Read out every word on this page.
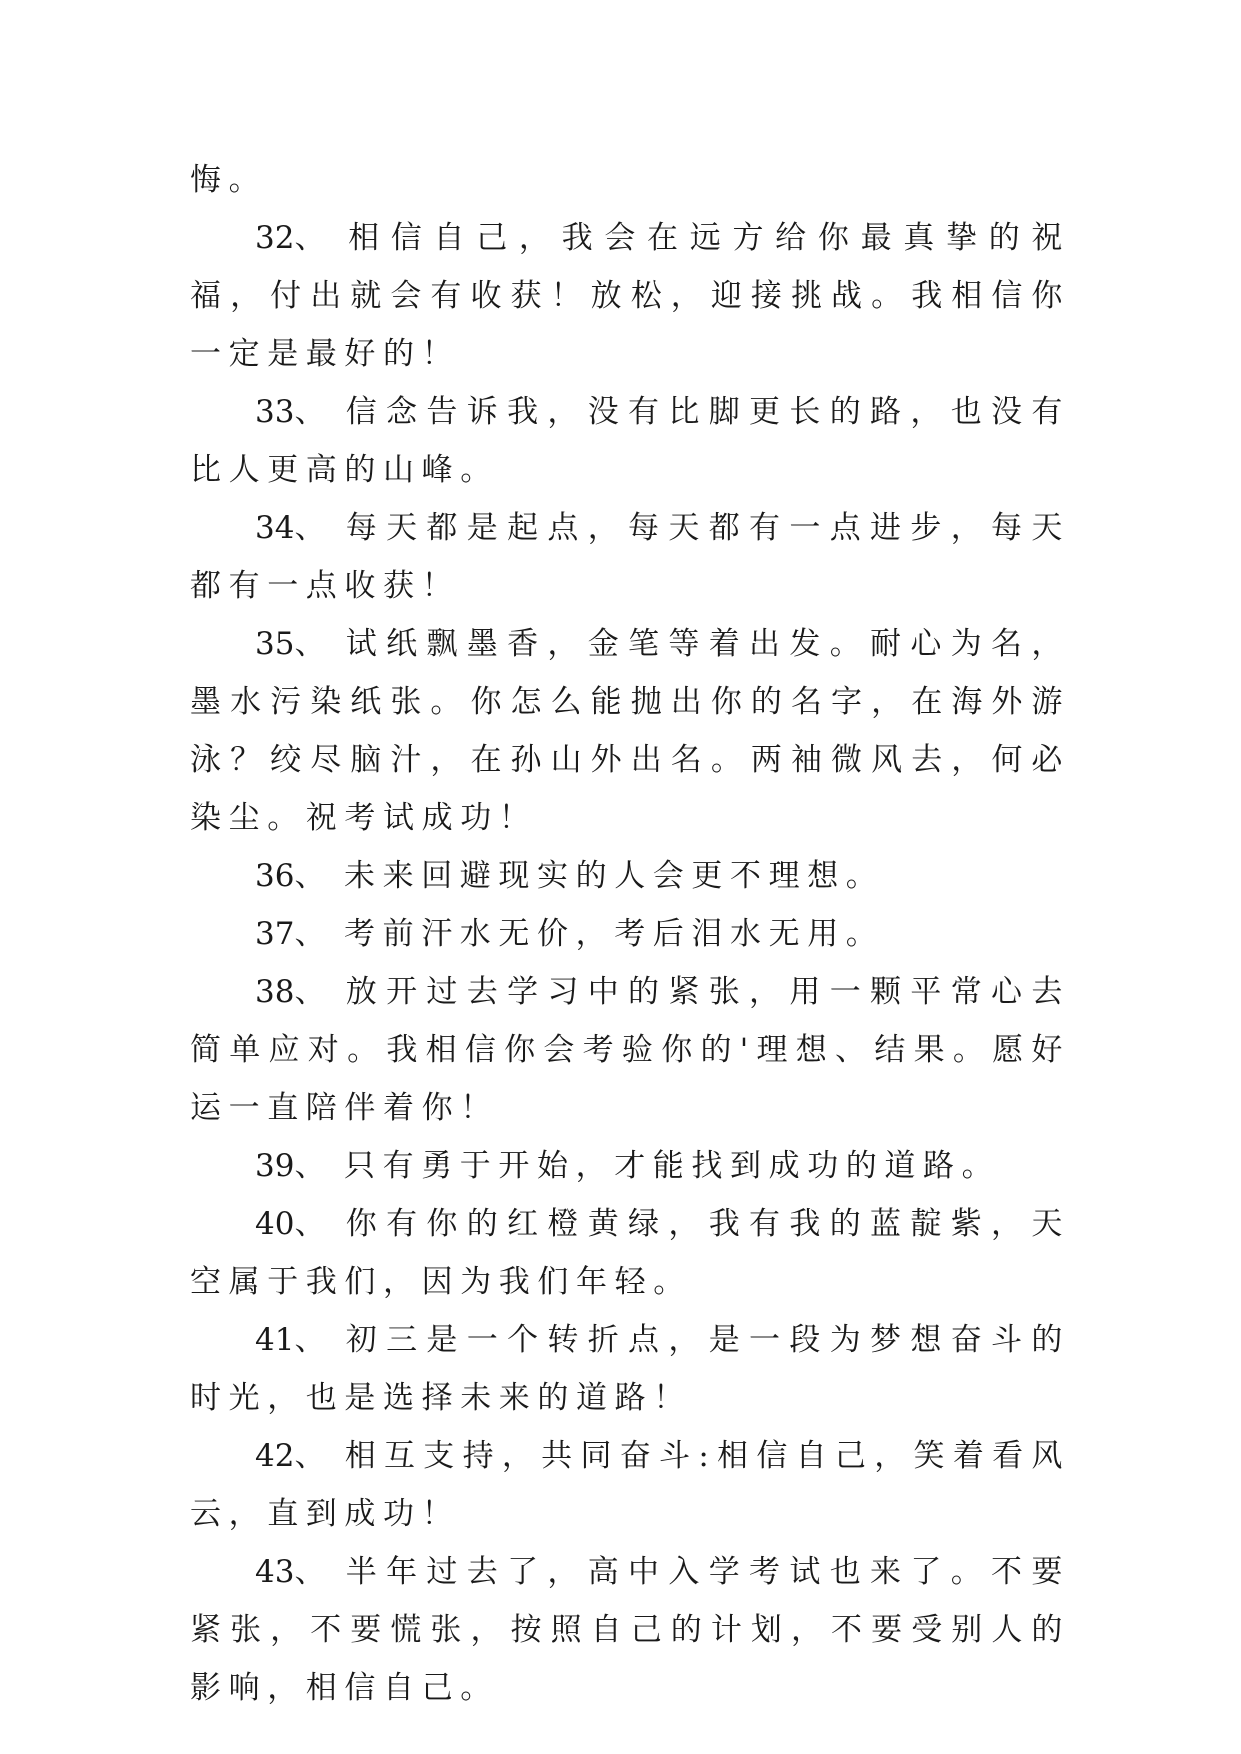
悔。

32、 相信自己，我会在远方给你最真挚的祝福，付出就会有收获！放松，迎接挑战。我相信你一定是最好的！

33、 信念告诉我，没有比脚更长的路，也没有比人更高的山峰。

34、 每天都是起点，每天都有一点进步，每天都有一点收获！

35、 试纸飘墨香，金笔等着出发。耐心为名，墨水污染纸张。你怎么能抛出你的名字，在海外游泳？绞尽脑汁，在孙山外出名。两袖微风去，何必染尘。祝考试成功！

36、 未来回避现实的人会更不理想。

37、 考前汗水无价，考后泪水无用。

38、 放开过去学习中的紧张，用一颗平常心去简单应对。我相信你会考验你的'理想、结果。愿好运一直陪伴着你！

39、 只有勇于开始，才能找到成功的道路。

40、 你有你的红橙黄绿，我有我的蓝靛紫，天空属于我们，因为我们年轻。

41、 初三是一个转折点，是一段为梦想奋斗的时光，也是选择未来的道路！

42、 相互支持，共同奋斗:相信自己，笑着看风云，直到成功！

43、 半年过去了，高中入学考试也来了。不要紧张，不要慌张，按照自己的计划，不要受别人的影响，相信自己。
